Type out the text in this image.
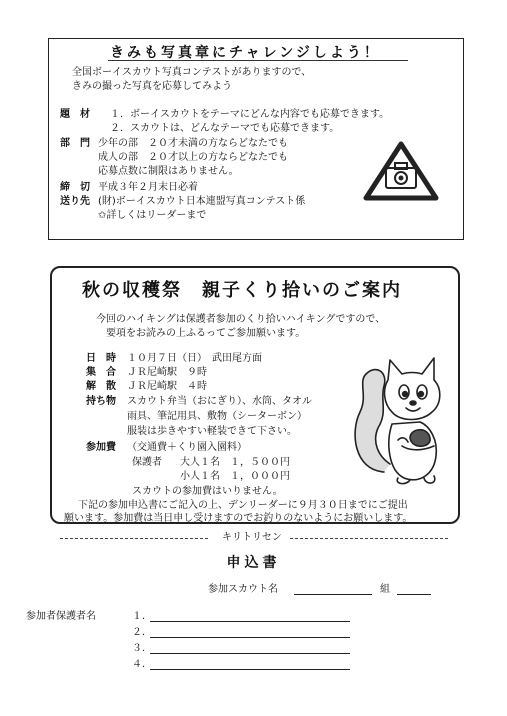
きみも写真章にチャレンジしよう！
全国ボーイスカウト写真コンテストがありますので、
きみの撮った写真を応募してみよう
題　材 １．ボーイスカウトをテーマにどんな内容でも応募できます。
２．スカウトは、どんなテーマでも応募できます。
部　門 少年の部　２０才未満の方ならどなたでも
成人の部　２０才以上の方ならどなたでも
応募点数に制限はありません。
締　切 平成３年２月末日必着
送り先 (財)ボーイスカウト日本連盟写真コンテスト係
✩詳しくはリーダーまで
秋の収穫祭　親子くり拾いのご案内
今回のハイキングは保護者参加のくり拾いハイキングですので、
要項をお読みの上ふるってご参加願います。
日　時 １０月７日（日）　武田尾方面
集　合 ＪＲ尼崎駅　９時
解　散 ＪＲ尼崎駅　４時
持ち物 スカウト弁当（おにぎり）、水筒、タオル
雨具、筆記用具、敷物（シーターボン）
服装は歩きやすい軽装できて下さい。
参加費 （交通費＋くり園入園料）
保護者 大人１名　１，５００円
小人１名　１，０００円
スカウトの参加費はいりません。
下記の参加申込書にご記入の上、デンリーダーに９月３０日までにご提出
願います。参加費は当日申し受けますのでお釣りのないようにお願いします。
キリトリセン
申込書
参加スカウト名	組
参加者保護者名	１．
２．
３．
４．
